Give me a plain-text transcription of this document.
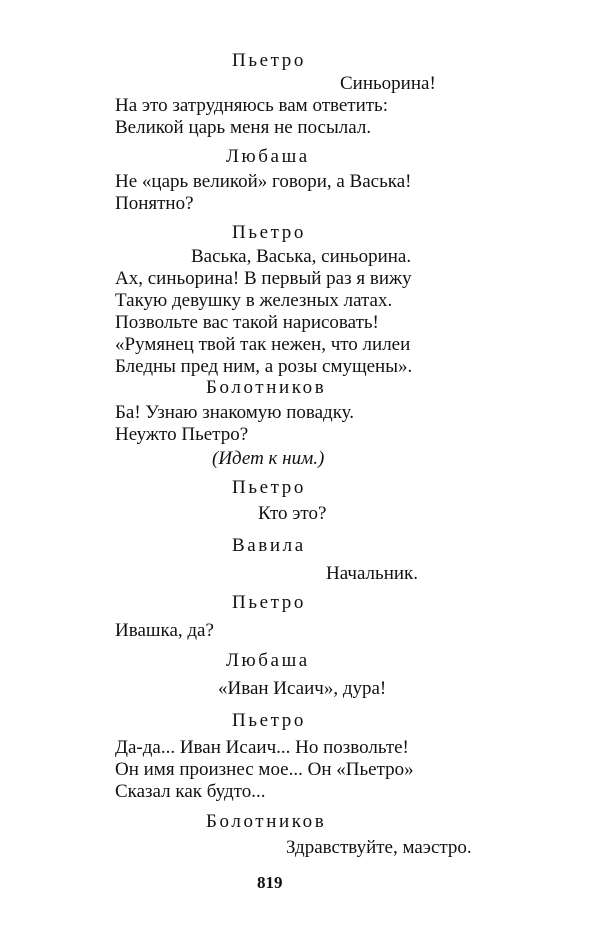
Пьетро
Синьорина!
На это затрудняюсь вам ответить:
Великой царь меня не посылал.
Любаша
Не «царь великой» говори, а Васька!
Понятно?
Пьетро
Васька, Васька, синьорина.
Ах, синьорина! В первый раз я вижу
Такую девушку в железных латах.
Позвольте вас такой нарисовать!
«Румянец твой так нежен, что лилеи
Бледны пред ним, а розы смущены».
Болотников
Ба! Узнаю знакомую повадку.
Неужто Пьетро?
(Идет к ним.)
Пьетро
Кто это?
Вавила
Начальник.
Пьетро
Ивашка, да?
Любаша
«Иван Исаич», дура!
Пьетро
Да-да... Иван Исаич... Но позвольте!
Он имя произнес мое... Он «Пьетро»
Сказал как будто...
Болотников
Здравствуйте, маэстро.
819
